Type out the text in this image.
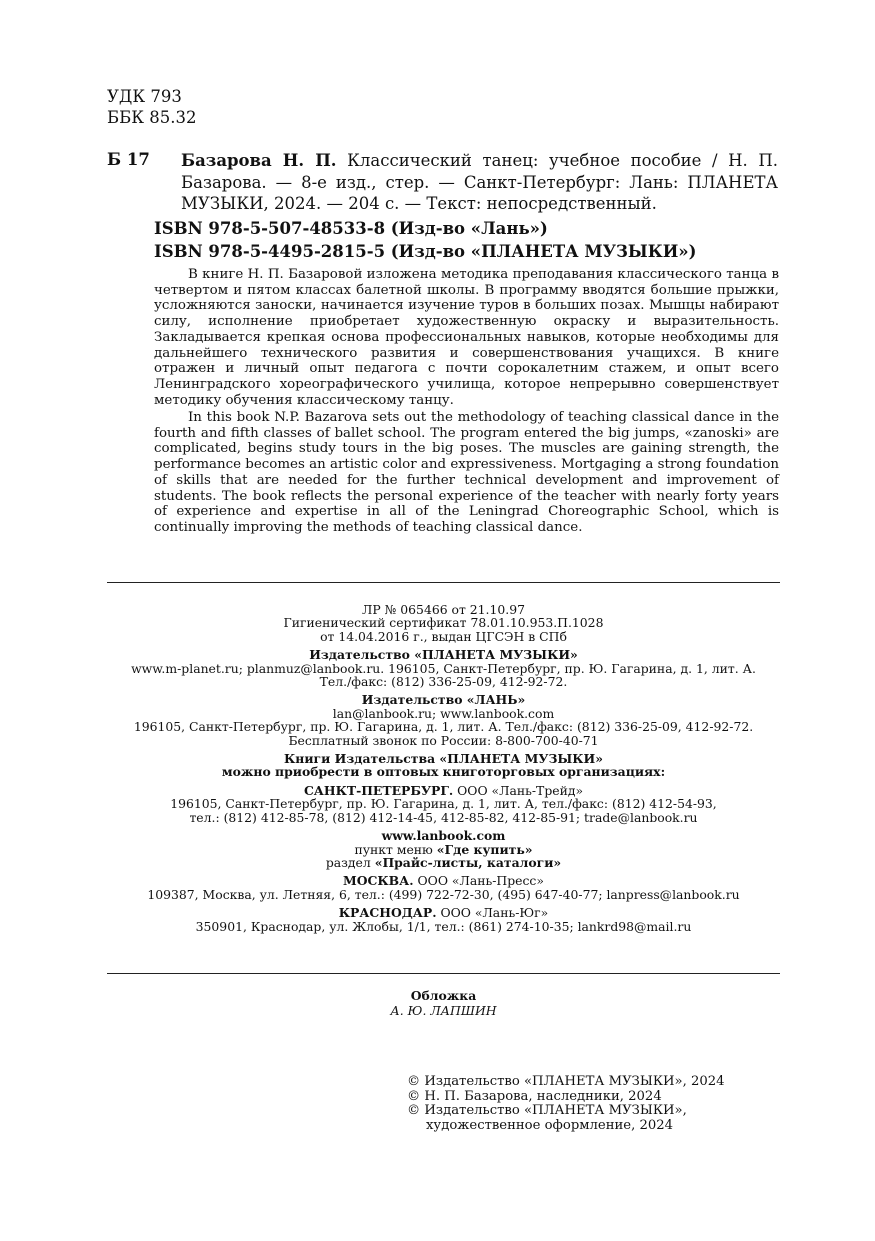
УДК 793
ББК 85.32
Б 17 Базарова Н. П. Классический танец: учебное пособие / Н. П. Базарова. — 8-е изд., стер. — Санкт-Петербург: Лань: ПЛАНЕТА МУЗЫКИ, 2024. — 204 с. — Текст: непосредственный.
ISBN 978-5-507-48533-8 (Изд-во «Лань»)
ISBN 978-5-4495-2815-5 (Изд-во «ПЛАНЕТА МУЗЫКИ»)

В книге Н. П. Базаровой изложена методика преподавания классического танца в четвертом и пятом классах балетной школы. В программу вводятся большие прыжки, усложняются заноски, начинается изучение туров в больших позах. Мышцы набирают силу, исполнение приобретает художественную окраску и выразительность. Закладывается крепкая основа профессиональных навыков, которые необходимы для дальнейшего технического развития и совершенствования учащихся. В книге отражен и личный опыт педагога с почти сорокалетним стажем, и опыт всего Ленинградского хореографического училища, которое непрерывно совершенствует методику обучения классическому танцу.

In this book N.P. Bazarova sets out the methodology of teaching classical dance in the fourth and fifth classes of ballet school. The program entered the big jumps, «zanoski» are complicated, begins study tours in the big poses. The muscles are gaining strength, the performance becomes an artistic color and expressiveness. Mortgaging a strong foundation of skills that are needed for the further technical development and improvement of students. The book reflects the personal experience of the teacher with nearly forty years of experience and expertise in all of the Leningrad Choreographic School, which is continually improving the methods of teaching classical dance.

ЛР № 065466 от 21.10.97
Гигиенический сертификат 78.01.10.953.П.1028
от 14.04.2016 г., выдан ЦГСЭН в СПб
Издательство «ПЛАНЕТА МУЗЫКИ»
www.m-planet.ru; planmuz@lanbook.ru. 196105, Санкт-Петербург, пр. Ю. Гагарина, д. 1, лит. А.
Тел./факс: (812) 336-25-09, 412-92-72.
Издательство «ЛАНЬ»
lan@lanbook.ru; www.lanbook.com
196105, Санкт-Петербург, пр. Ю. Гагарина, д. 1, лит. А. Тел./факс: (812) 336-25-09, 412-92-72.
Бесплатный звонок по России: 8-800-700-40-71
Книги Издательства «ПЛАНЕТА МУЗЫКИ»
можно приобрести в оптовых книготорговых организациях:
САНКТ-ПЕТЕРБУРГ. ООО «Лань-Трейд»
196105, Санкт-Петербург, пр. Ю. Гагарина, д. 1, лит. А, тел./факс: (812) 412-54-93,
тел.: (812) 412-85-78, (812) 412-14-45, 412-85-82, 412-85-91; trade@lanbook.ru
www.lanbook.com
пункт меню «Где купить»
раздел «Прайс-листы, каталоги»
МОСКВА. ООО «Лань-Пресс»
109387, Москва, ул. Летняя, 6, тел.: (499) 722-72-30, (495) 647-40-77; lanpress@lanbook.ru
КРАСНОДАР. ООО «Лань-Юг»
350901, Краснодар, ул. Жлобы, 1/1, тел.: (861) 274-10-35; lankrd98@mail.ru
Обложка
А. Ю. ЛАПШИН
© Издательство «ПЛАНЕТА МУЗЫКИ», 2024
© Н. П. Базарова, наследники, 2024
© Издательство «ПЛАНЕТА МУЗЫКИ»,
художественное оформление, 2024
